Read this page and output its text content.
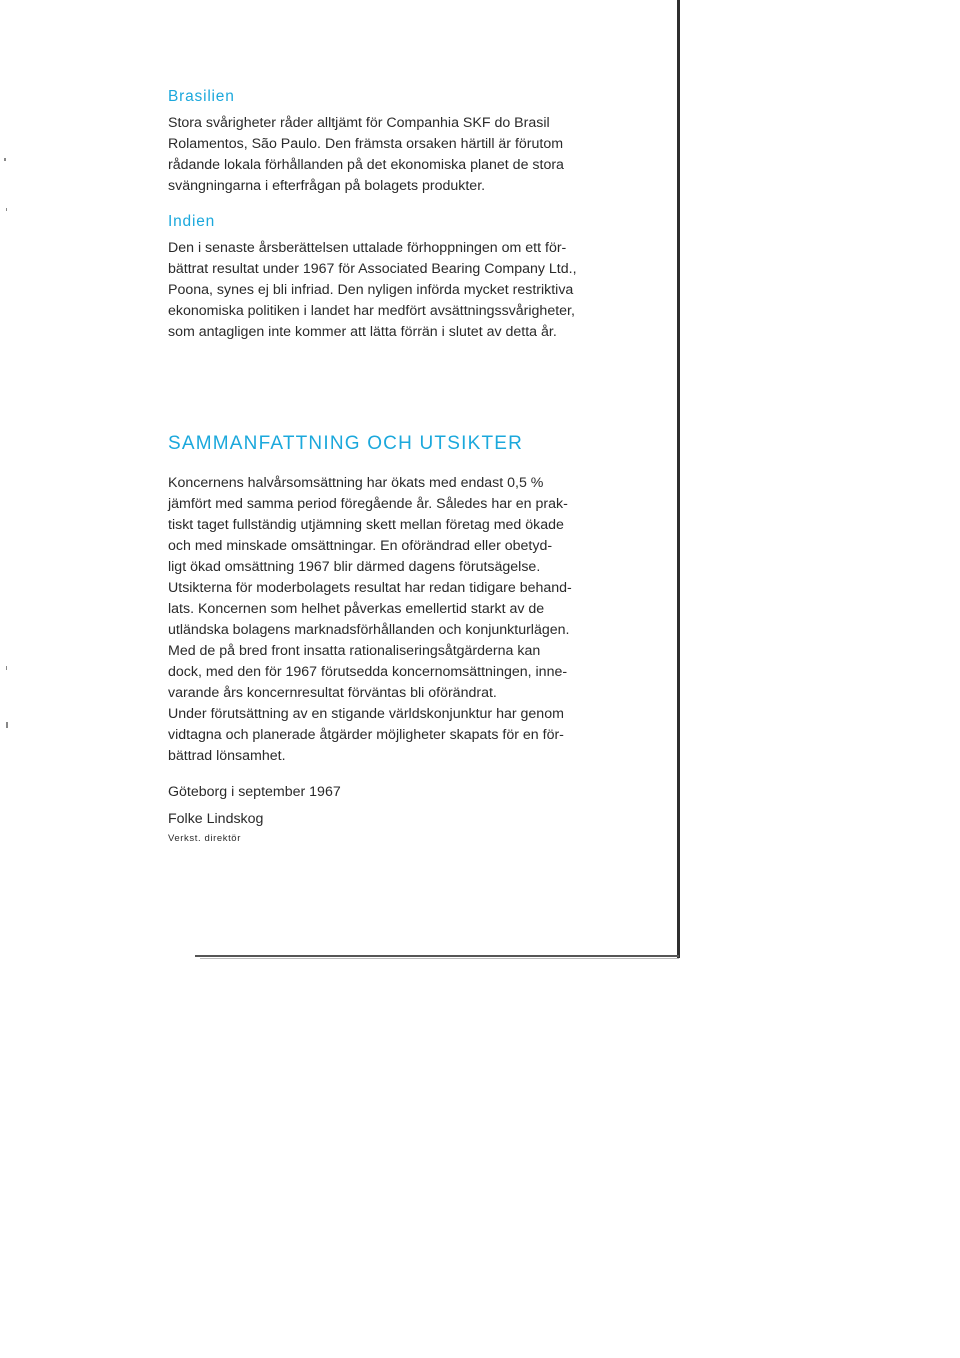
Brasilien

Stora svårigheter råder alltjämt för Companhia SKF do Brasil
Rolamentos, São Paulo. Den främsta orsaken härtill är förutom
rådande lokala förhållanden på det ekonomiska planet de stora
svängningarna i efterfrågan på bolagets produkter.

Indien

Den i senaste årsberättelsen uttalade förhoppningen om ett för-
bättrat resultat under 1967 för Associated Bearing Company Ltd.,
Poona, synes ej bli infriad. Den nyligen införda mycket restriktiva
ekonomiska politiken i landet har medfört avsättningssvårigheter,
som antagligen inte kommer att lätta förrän i slutet av detta år.

SAMMANFATTNING OCH UTSIKTER

Koncernens halvårsomsättning har ökats med endast 0,5 %
jämfört med samma period föregående år. Således har en prak-
tiskt taget fullständig utjämning skett mellan företag med ökade
och med minskade omsättningar. En oförändrad eller obetyd-
ligt ökad omsättning 1967 blir därmed dagens förutsägelse.
Utsikterna för moderbolagets resultat har redan tidigare behand-
lats. Koncernen som helhet påverkas emellertid starkt av de
utländska bolagens marknadsförhållanden och konjunkturlägen.
Med de på bred front insatta rationaliseringsåtgärderna kan
dock, med den för 1967 förutsedda koncernomsättningen, inne-
varande års koncernresultat förväntas bli oförändrat.
Under förutsättning av en stigande världskonjunktur har genom
vidtagna och planerade åtgärder möjligheter skapats för en för-
bättrad lönsamhet.

Göteborg i september 1967
Folke Lindskog
Verkst. direktör
